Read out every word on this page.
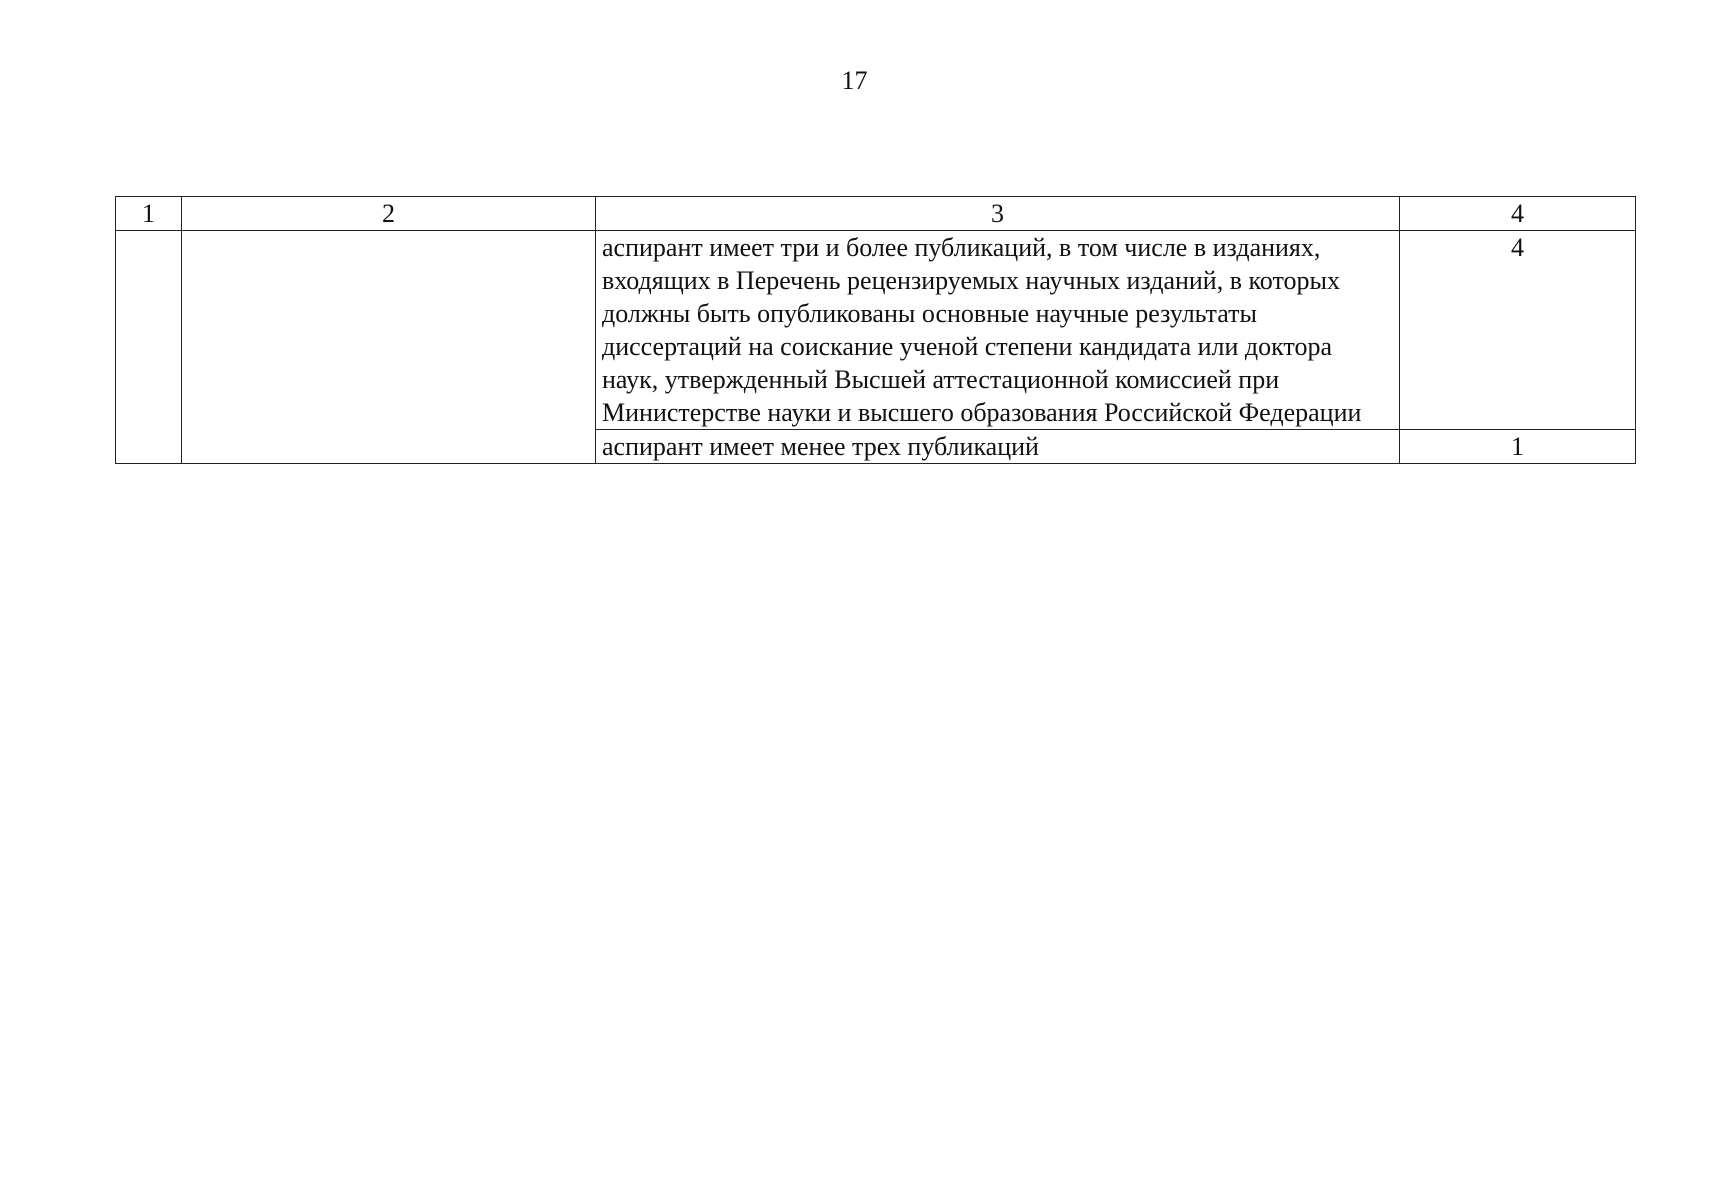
17
1	2	3	4
		аспирант имеет три и более публикаций, в том числе в изданиях, входящих в Перечень рецензируемых научных изданий, в которых должны быть опубликованы основные научные результаты диссертаций на соискание ученой степени кандидата или доктора наук, утвержденный Высшей аттестационной комиссией при Министерстве науки и высшего образования Российской Федерации	4
		аспирант имеет менее трех публикаций	1
